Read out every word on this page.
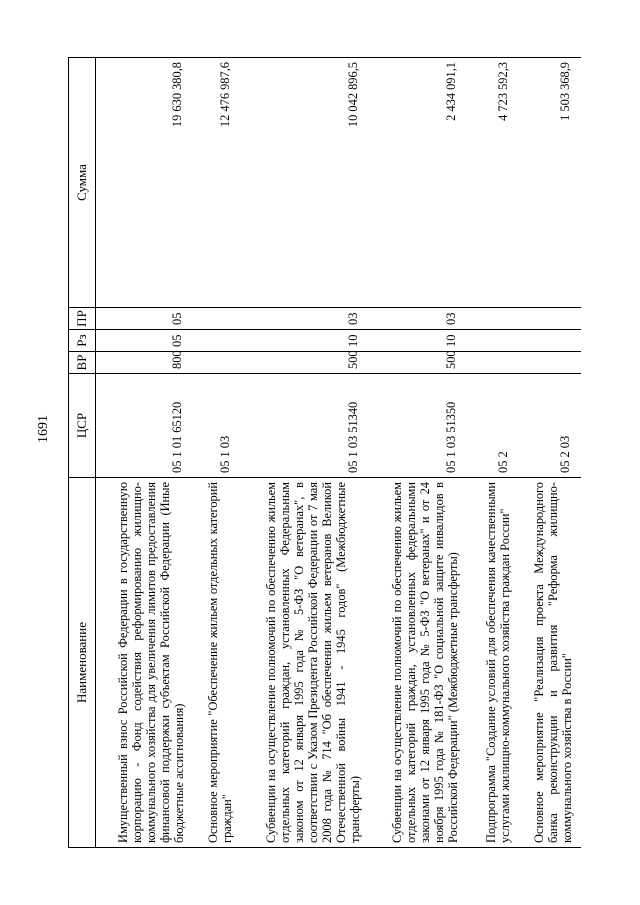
1691
Наименование	ЦСР	ВР	Рз	ПР	Сумма
Имущественный взнос Российской Федерации в государственную корпорацию - Фонд содействия реформированию жилищно-коммунального хозяйства для увеличения лимитов предоставления финансовой поддержки субъектам Российской Федерации (Иные бюджетные ассигнования)	05 1 01 65120	800	05	05	19 630 380,8
Основное мероприятие "Обеспечение жильем отдельных категорий граждан"	05 1 03				12 476 987,6
Субвенции на осуществление полномочий по обеспечению жильем отдельных категорий граждан, установленных Федеральным законом от 12 января 1995 года № 5-ФЗ "О ветеранах", в соответствии с Указом Президента Российской Федерации от 7 мая 2008 года № 714 "Об обеспечении жильем ветеранов Великой Отечественной войны 1941 - 1945 годов" (Межбюджетные трансферты)	05 1 03 51340	500	10	03	10 042 896,5
Субвенции на осуществление полномочий по обеспечению жильем отдельных категорий граждан, установленных федеральными законами от 12 января 1995 года № 5-ФЗ "О ветеранах" и от 24 ноября 1995 года № 181-ФЗ "О социальной защите инвалидов в Российской Федерации" (Межбюджетные трансферты)	05 1 03 51350	500	10	03	2 434 091,1
Подпрограмма "Создание условий для обеспечения качественными услугами жилищно-коммунального хозяйства граждан России"	05 2				4 723 592,3
Основное мероприятие "Реализация проекта Международного банка реконструкции и развития "Реформа жилищно-коммунального хозяйства в России"	05 2 03				1 503 368,9
